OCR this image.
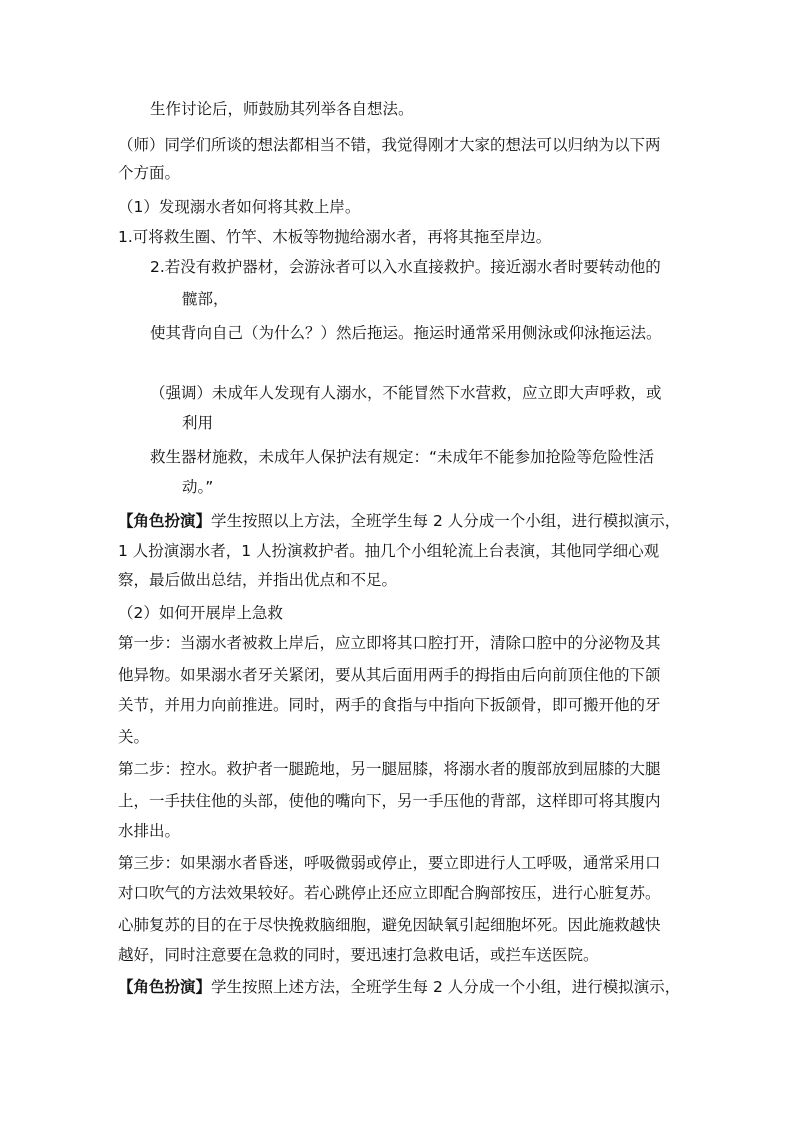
生作讨论后，师鼓励其列举各自想法。
（师）同学们所谈的想法都相当不错，我觉得刚才大家的想法可以归纳为以下两
个方面。
（1）发现溺水者如何将其救上岸。
1.可将救生圈、竹竿、木板等物抛给溺水者，再将其拖至岸边。
2.若没有救护器材，会游泳者可以入水直接救护。接近溺水者时要转动他的
髋部，
使其背向自己（为什么？）然后拖运。拖运时通常采用侧泳或仰泳拖运法。
（强调）未成年人发现有人溺水，不能冒然下水营救，应立即大声呼救，或
利用
救生器材施救，未成年人保护法有规定：“未成年不能参加抢险等危险性活
动。”
【角色扮演】学生按照以上方法，全班学生每 2 人分成一个小组，进行模拟演示，
1 人扮演溺水者，1 人扮演救护者。抽几个小组轮流上台表演，其他同学细心观
察，最后做出总结，并指出优点和不足。
（2）如何开展岸上急救
第一步：当溺水者被救上岸后，应立即将其口腔打开，清除口腔中的分泌物及其
他异物。如果溺水者牙关紧闭，要从其后面用两手的拇指由后向前顶住他的下颌
关节，并用力向前推进。同时，两手的食指与中指向下扳颌骨，即可搬开他的牙
关。
第二步：控水。救护者一腿跪地，另一腿屈膝，将溺水者的腹部放到屈膝的大腿
上，一手扶住他的头部，使他的嘴向下，另一手压他的背部，这样即可将其腹内
水排出。
第三步：如果溺水者昏迷，呼吸微弱或停止，要立即进行人工呼吸，通常采用口
对口吹气的方法效果较好。若心跳停止还应立即配合胸部按压，进行心脏复苏。
心肺复苏的目的在于尽快挽救脑细胞，避免因缺氧引起细胞坏死。因此施救越快
越好，同时注意要在急救的同时，要迅速打急救电话，或拦车送医院。
【角色扮演】学生按照上述方法，全班学生每 2 人分成一个小组，进行模拟演示，
